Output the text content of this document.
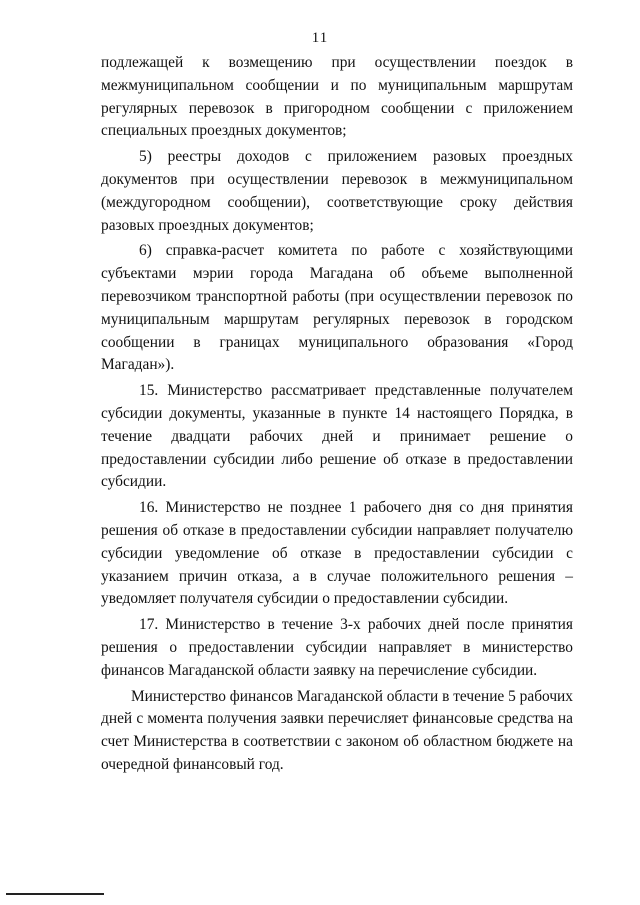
11

подлежащей к возмещению при осуществлении поездок в межмуниципальном сообщении и по муниципальным маршрутам регулярных перевозок в пригородном сообщении с приложением специальных проездных документов;

5) реестры доходов с приложением разовых проездных документов при осуществлении перевозок в межмуниципальном (междугородном сообщении), соответствующие сроку действия разовых проездных документов;

6) справка-расчет комитета по работе с хозяйствующими субъектами мэрии города Магадана об объеме выполненной перевозчиком транспортной работы (при осуществлении перевозок по муниципальным маршрутам регулярных перевозок в городском сообщении в границах муниципального образования «Город Магадан»).

15. Министерство рассматривает представленные получателем субсидии документы, указанные в пункте 14 настоящего Порядка, в течение двадцати рабочих дней и принимает решение о предоставлении субсидии либо решение об отказе в предоставлении субсидии.

16. Министерство не позднее 1 рабочего дня со дня принятия решения об отказе в предоставлении субсидии направляет получателю субсидии уведомление об отказе в предоставлении субсидии с указанием причин отказа, а в случае положительного решения – уведомляет получателя субсидии о предоставлении субсидии.

17. Министерство в течение 3-х рабочих дней после принятия решения о предоставлении субсидии направляет в министерство финансов Магаданской области заявку на перечисление субсидии.

Министерство финансов Магаданской области в течение 5 рабочих дней с момента получения заявки перечисляет финансовые средства на счет Министерства в соответствии с законом об областном бюджете на очередной финансовый год.
